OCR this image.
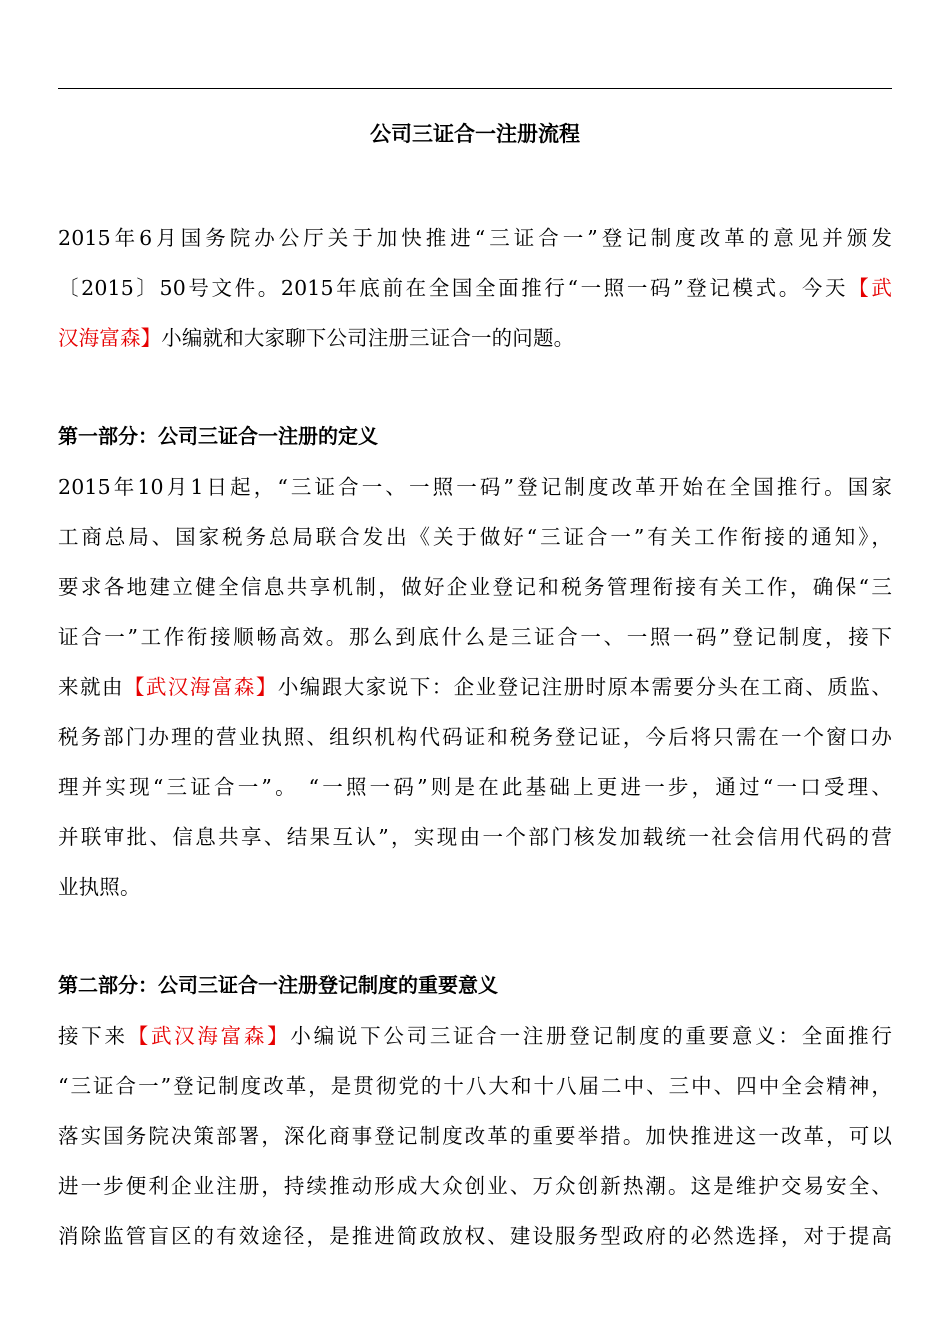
公司三证合一注册流程
2015年6月国务院办公厅关于加快推进“三证合一”登记制度改革的意见并颁发
〔2015〕50号文件。2015年底前在全国全面推行“一照一码”登记模式。今天【武
汉海富森】小编就和大家聊下公司注册三证合一的问题。
第一部分：公司三证合一注册的定义
2015年10月1日起，“三证合一、一照一码”登记制度改革开始在全国推行。国家
工商总局、国家税务总局联合发出《关于做好“三证合一”有关工作衔接的通知》，
要求各地建立健全信息共享机制，做好企业登记和税务管理衔接有关工作，确保“三
证合一”工作衔接顺畅高效。那么到底什么是三证合一、一照一码”登记制度，接下
来就由【武汉海富森】小编跟大家说下：企业登记注册时原本需要分头在工商、质监、
税务部门办理的营业执照、组织机构代码证和税务登记证，今后将只需在一个窗口办
理并实现“三证合一”。 “一照一码”则是在此基础上更进一步，通过“一口受理、
并联审批、信息共享、结果互认”，实现由一个部门核发加载统一社会信用代码的营
业执照。
第二部分：公司三证合一注册登记制度的重要意义
接下来【武汉海富森】小编说下公司三证合一注册登记制度的重要意义：全面推行
“三证合一”登记制度改革，是贯彻党的十八大和十八届二中、三中、四中全会精神，
落实国务院决策部署，深化商事登记制度改革的重要举措。加快推进这一改革，可以
进一步便利企业注册，持续推动形成大众创业、万众创新热潮。这是维护交易安全、
消除监管盲区的有效途径，是推进简政放权、建设服务型政府的必然选择，对于提高
